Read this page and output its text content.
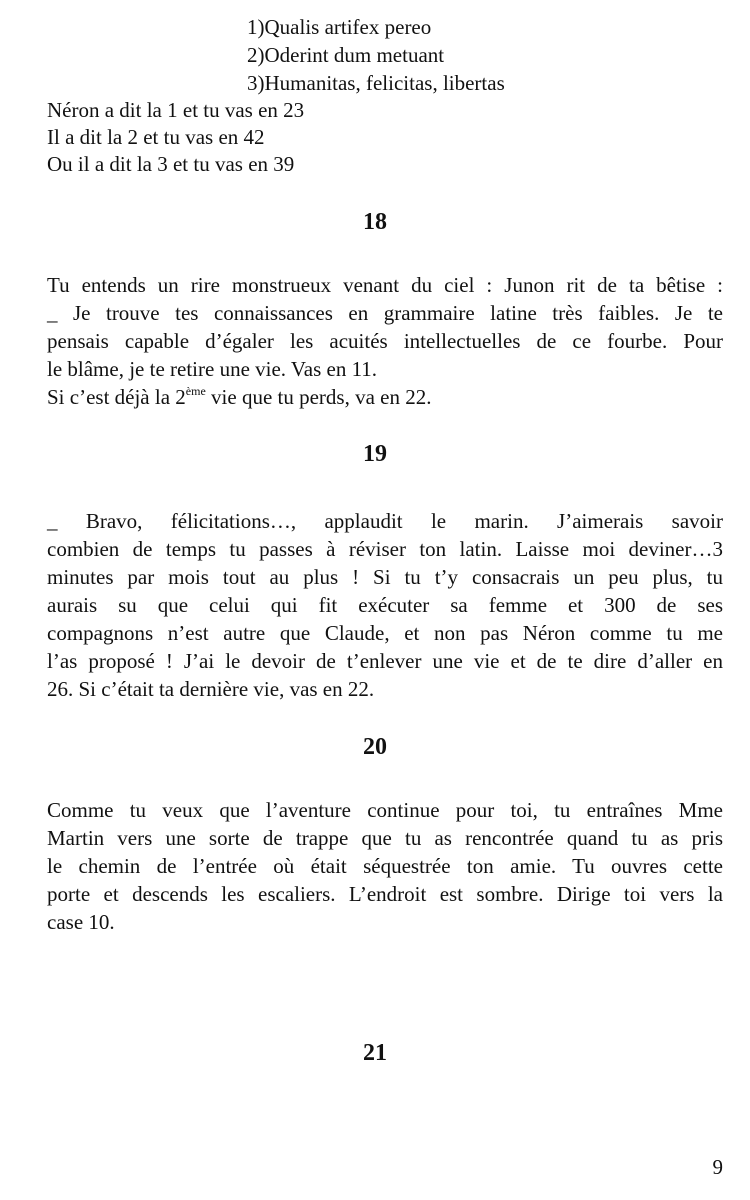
1)Qualis artifex pereo
2)Oderint dum metuant
3)Humanitas, felicitas, libertas
Néron a dit la 1 et tu vas en 23
Il a dit la 2 et tu vas en 42
Ou il a dit la 3 et tu vas en 39
18
Tu entends un rire monstrueux venant du ciel : Junon rit de ta bêtise :
_ Je trouve tes connaissances en grammaire latine très faibles. Je te
pensais capable d’égaler les acuités intellectuelles de ce fourbe. Pour
le blâme, je te retire une vie. Vas en 11.
Si c’est déjà la 2ème vie que tu perds, va en 22.
19
_ Bravo, félicitations…, applaudit le marin. J’aimerais savoir
combien de temps tu passes à réviser ton latin. Laisse moi deviner…3
minutes par mois tout au plus ! Si tu t’y consacrais un peu plus, tu
aurais su que celui qui fit exécuter sa femme et 300 de ses
compagnons n’est autre que Claude, et non pas Néron comme tu me
l’as proposé ! J’ai le devoir de t’enlever une vie et de te dire d’aller en
26. Si c’était ta dernière vie, vas en 22.
20
Comme tu veux que l’aventure continue pour toi, tu entraînes Mme
Martin vers une sorte de trappe que tu as rencontrée quand tu as pris
le chemin de l’entrée où était séquestrée ton amie. Tu ouvres cette
porte et descends les escaliers. L’endroit est sombre. Dirige toi vers la
case 10.
21
9
